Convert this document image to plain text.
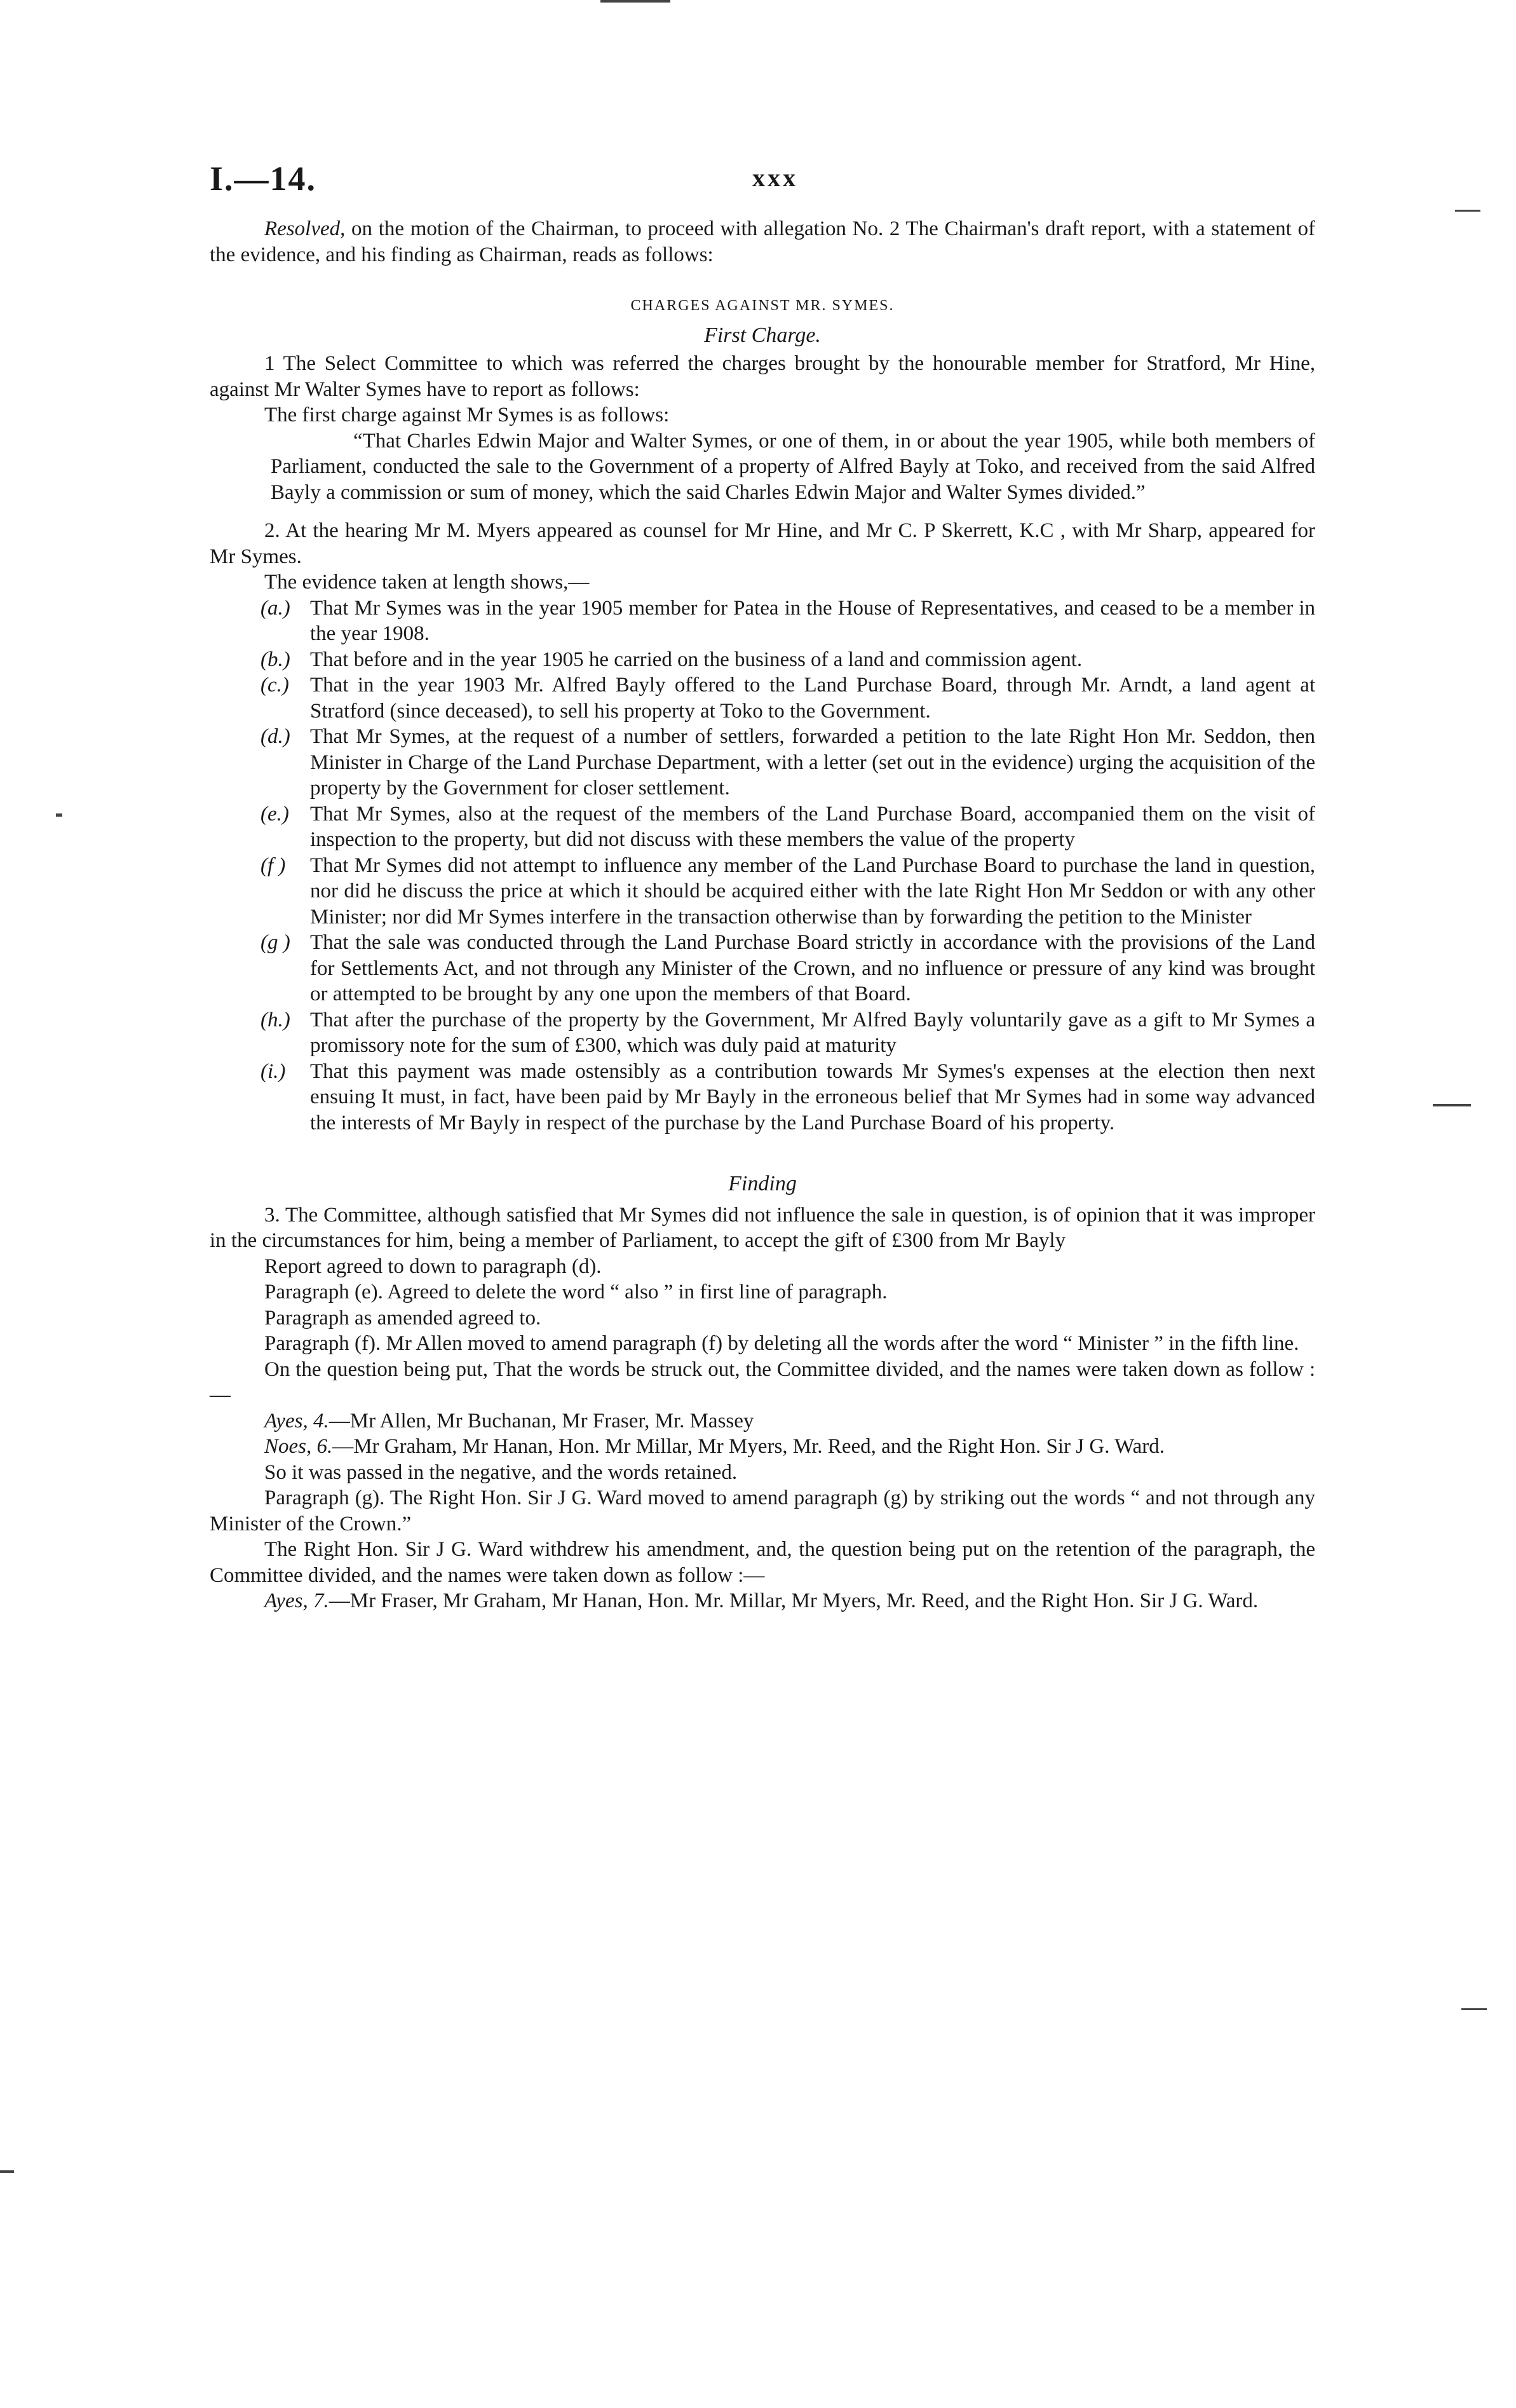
I.—14.	xxx

Resolved, on the motion of the Chairman, to proceed with allegation No. 2 The Chairman's draft report, with a statement of the evidence, and his finding as Chairman, reads as follows:

CHARGES AGAINST MR. SYMES.
First Charge.

1 The Select Committee to which was referred the charges brought by the honourable member for Stratford, Mr Hine, against Mr Walter Symes have to report as follows:

The first charge against Mr Symes is as follows:

“That Charles Edwin Major and Walter Symes, or one of them, in or about the year 1905, while both members of Parliament, conducted the sale to the Government of a property of Alfred Bayly at Toko, and received from the said Alfred Bayly a commission or sum of money, which the said Charles Edwin Major and Walter Symes divided.”

2. At the hearing Mr M. Myers appeared as counsel for Mr Hine, and Mr C. P Skerrett, K.C , with Mr Sharp, appeared for Mr Symes.

The evidence taken at length shows,—

(a.) That Mr Symes was in the year 1905 member for Patea in the House of Representatives, and ceased to be a member in the year 1908.
(b.) That before and in the year 1905 he carried on the business of a land and commission agent.
(c.)	That in the year 1903 Mr. Alfred Bayly offered to the Land Purchase Board, through Mr. Arndt, a land agent at Stratford (since deceased), to sell his property at Toko to the Government.
(d.) That Mr Symes, at the request of a number of settlers, forwarded a petition to the late Right Hon Mr. Seddon, then Minister in Charge of the Land Purchase Department, with a letter (set out in the evidence) urging the acquisition of the property by the Government for closer settlement.
(e.)	That Mr Symes, also at the request of the members of the Land Purchase Board, accompanied them on the visit of inspection to the property, but did not discuss with these members the value of the property
(f )	That Mr Symes did not attempt to influence any member of the Land Purchase Board to purchase the land in question, nor did he discuss the price at which it should be acquired either with the late Right Hon Mr Seddon or with any other Minister; nor did Mr Symes interfere in the transaction otherwise than by forwarding the petition to the Minister
(g ) That the sale was conducted through the Land Purchase Board strictly in accordance with the provisions of the Land for Settlements Act, and not through any Minister of the Crown, and no influence or pressure of any kind was brought or attempted to be brought by any one upon the members of that Board.
(h.) That after the purchase of the property by the Government, Mr Alfred Bayly voluntarily gave as a gift to Mr Symes a promissory note for the sum of £300, which was duly paid at maturity
(i.)	That this payment was made ostensibly as a contribution towards Mr Symes's expenses at the election then next ensuing It must, in fact, have been paid by Mr Bayly in the erroneous belief that Mr Symes had in some way advanced the interests of Mr Bayly in respect of the purchase by the Land Purchase Board of his property.
Finding

3. The Committee, although satisfied that Mr Symes did not influence the sale in question, is of opinion that it was improper in the circumstances for him, being a member of Parliament, to accept the gift of £300 from Mr Bayly

Report agreed to down to paragraph (d).

Paragraph (e). Agreed to delete the word “ also ” in first line of paragraph.

Paragraph as amended agreed to.

Paragraph (f). Mr Allen moved to amend paragraph (f) by deleting all the words after the word “ Minister ” in the fifth line.

On the question being put, That the words be struck out, the Committee divided, and the names were taken down as follow :—

Ayes, 4.—Mr Allen, Mr Buchanan, Mr Fraser, Mr. Massey

Noes, 6.—Mr Graham, Mr Hanan, Hon. Mr Millar, Mr Myers, Mr. Reed, and the Right Hon. Sir J G. Ward.

So it was passed in the negative, and the words retained.

Paragraph (g). The Right Hon. Sir J G. Ward moved to amend paragraph (g) by striking out the words “ and not through any Minister of the Crown.”

The Right Hon. Sir J G. Ward withdrew his amendment, and, the question being put on the retention of the paragraph, the Committee divided, and the names were taken down as follow :—

Ayes, 7.—Mr Fraser, Mr Graham, Mr Hanan, Hon. Mr. Millar, Mr Myers, Mr. Reed, and the Right Hon. Sir J G. Ward.
